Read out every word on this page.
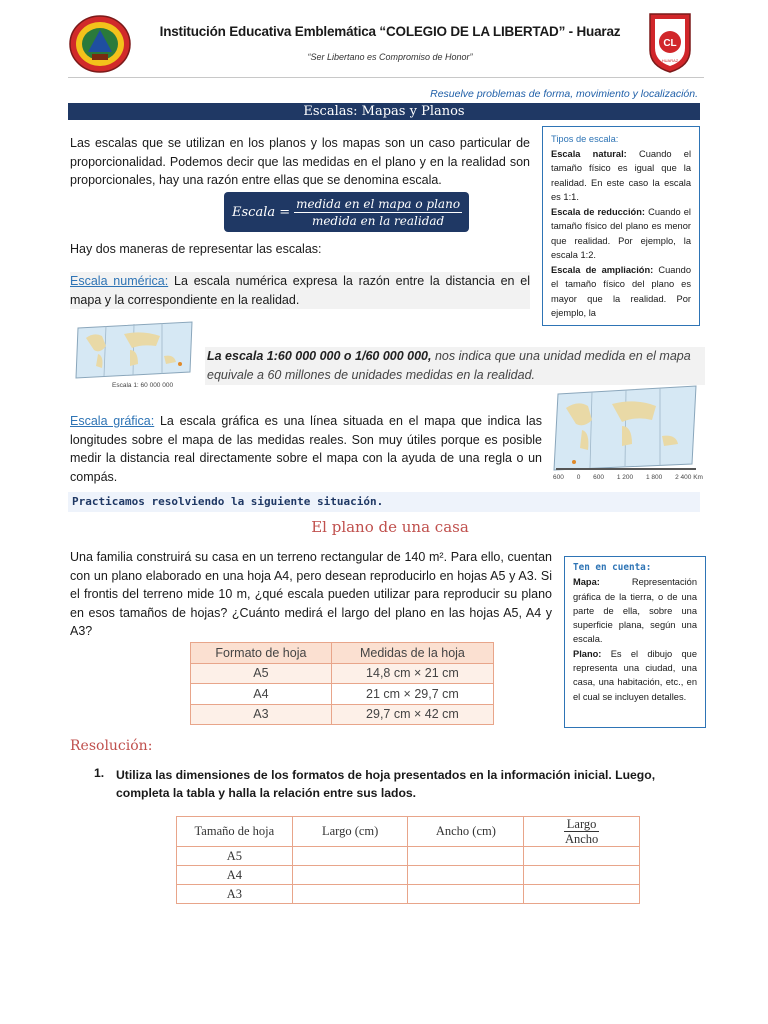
Institución Educativa Emblemática “COLEGIO DE LA LIBERTAD” - Huaraz
“Ser Libertano es Compromiso de Honor”
CL
HUARAZ
Resuelve problemas de forma, movimiento y localización.
Escalas: Mapas y Planos
Las escalas que se utilizan en los planos y los mapas son un caso particular de proporcionalidad. Podemos decir que las medidas en el plano y en la realidad son proporcionales, hay una razón entre ellas que se denomina escala.
Escala = $\frac{\text{medida en el mapa o plano}}{\text{medida en la realidad}}$
Hay dos maneras de representar las escalas:
Escala numérica: La escala numérica expresa la razón entre la distancia en el mapa y la correspondiente en la realidad.
Tipos de escala:
Escala natural: Cuando el tamaño físico es igual que la realidad. En este caso la escala es 1:1.
Escala de reducción: Cuando el tamaño físico del plano es menor que realidad. Por ejemplo, la escala 1:2.
Escala de ampliación: Cuando el tamaño físico del plano es mayor que la realidad. Por ejemplo, la
Escala 1: 60 000 000
La escala 1:60 000 000 o 1/60 000 000, nos indica que una unidad medida en el mapa equivale a 60 millones de unidades medidas en la realidad.
Escala gráfica: La escala gráfica es una línea situada en el mapa que indica las longitudes sobre el mapa de las medidas reales. Son muy útiles porque es posible medir la distancia real directamente sobre el mapa con la ayuda de una regla o un compás.	600 0 600 1 200 1 800 2 400 Km
Practicamos resolviendo la siguiente situación.
El plano de una casa
Una familia construirá su casa en un terreno rectangular de 140 m². Para ello, cuentan con un plano elaborado en una hoja A4, pero desean reproducirlo en hojas A5 y A3. Si el frontis del terreno mide 10 m, ¿qué escala pueden utilizar para reproducir su plano en esos tamaños de hojas? ¿Cuánto medirá el largo del plano en las hojas A5, A4 y A3?
Ten en cuenta:
Mapa: Representación gráfica de la tierra, o de una parte de ella, sobre una superficie plana, según una escala.
Plano: Es el dibujo que representa una ciudad, una casa, una habitación, etc., en el cual se incluyen detalles.
Formato de hoja	Medidas de la hoja
A5	14,8 cm × 21 cm
A4	21 cm × 29,7 cm
A3	29,7 cm × 42 cm
Resolución:
1. Utiliza las dimensiones de los formatos de hoja presentados en la información inicial. Luego, completa la tabla y halla la relación entre sus lados.
Tamaño de hoja	Largo (cm)	Ancho (cm)	Largo
Ancho

A5			
A4			
A3			
